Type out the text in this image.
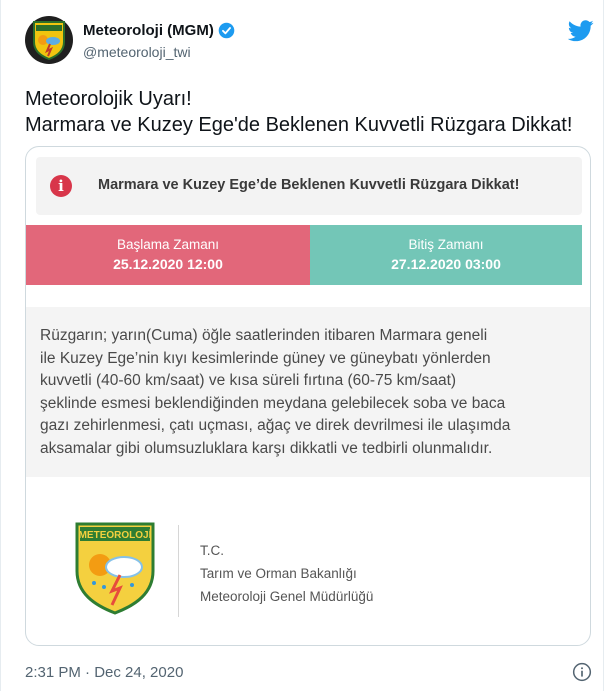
Meteoroloji (MGM)
@meteoroloji_twi
Meteorolojik Uyarı!
Marmara ve Kuzey Ege'de Beklenen Kuvvetli Rüzgara Dikkat!
i	Marmara ve Kuzey Ege’de Beklenen Kuvvetli Rüzgara Dikkat!
Başlama Zamanı
25.12.2020 12:00
Bitiş Zamanı
27.12.2020 03:00
Rüzgarın; yarın(Cuma) öğle saatlerinden itibaren Marmara geneli
ile Kuzey Ege’nin kıyı kesimlerinde güney ve güneybatı yönlerden
kuvvetli (40-60 km/saat) ve kısa süreli fırtına (60-75 km/saat)
şeklinde esmesi beklendiğinden meydana gelebilecek soba ve baca
gazı zehirlenmesi, çatı uçması, ağaç ve direk devrilmesi ile ulaşımda
aksamalar gibi olumsuzluklara karşı dikkatli ve tedbirli olunmalıdır.
METEOROLOJİ
T.C.
Tarım ve Orman Bakanlığı
Meteoroloji Genel Müdürlüğü
2:31 PM · Dec 24, 2020
